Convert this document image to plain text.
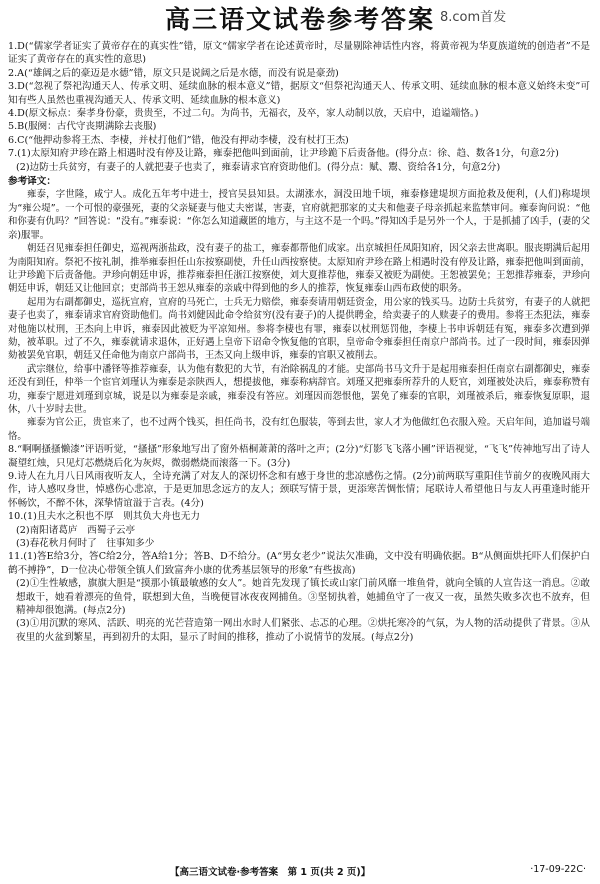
高三语文试卷参考答案 8.com首发

1.D(“儒家学者证实了黄帝存在的真实性”错，原文“儒家学者在论述黄帝时，尽量剔除神话性内容，将黄帝视为华夏族道统的创造者”不是证实了黄帝存在的真实性的意思)

2.A(“雄阔之后的豪迈是水德”错，原文只是说阔之后是水德，而没有说是豪劲)

3.D(“忽视了祭祀沟通天人、传承文明、延续血脉的根本意义”错，据原文“但祭祀沟通天人、传承文明、延续血脉的根本意义始终未变”可知有些人虽然也重视沟通天人、传承文明、延续血脉的根本意义)

4.D(原文标点：秦孝身份豪，贵贵至，不过二句。为尚书，无福衣，及卒，家人动制以放，天启中，追谥端恪。)

5.B(服阕：古代守丧期满除去丧服)

6.C(“他押动参将王杰、李棲，并杖打他们”错，他没有押动李棲，没有杖打王杰)

7.(1)太原知府尹珍在路上相遇时没有停及让路，雍泰把他叫到面前，让尹珍跪下后责备他。(得分点：徐、趋、数各1分，句意2分)

(2)边防士兵贫穷，有妻子的人就把妻子也卖了，雍泰请求官府资助他们。(得分点：赋、鬻、资给各1分，句意2分)

参考译文：

雍泰，字世隆，咸宁人。成化五年考中进士，授官吴县知县。太湖涨水，洞没田地千顷，雍泰修建堤坝方面抢救及便利，(人们)称堤坝为“雍公堤”。一个可恨的豪强死，妻的父亲疑妻与他丈夫密谋，害妻，官府就把那家的丈夫和他妻子母亲抓起来监禁审问。雍泰询问说：“他和你妻有仇吗？”回答说：“没有。”雍泰说：“你怎么知道藏匿的地方，与主这不是一个吗。”得知凶手是另外一个人，于是抓捕了凶手，(妻的父亲)服罪。

朝廷召见雍泰担任御史，巡视两浙盐政，没有妻子的盐工，雍泰都帮他们成家。出京城担任凤阳知府，因父亲去世离职。服丧期满后起用为南阳知府。祭祀不按礼制，推举雍泰担任山东按察副使，升任山西按察使。太原知府尹珍在路上相遇时没有停及让路，雍泰把他叫到面前，让尹珍跪下后责备他。尹珍向朝廷申诉，推荐雍泰担任浙江按察使，刘大夏推荐他，雍泰又被贬为副使。王恕被罢免；王恕推荐雍泰，尹珍向朝廷申诉，朝廷又让他回京；吏部尚书王恕从雍泰的亲戚中得到他的乡人的推荐，恢复雍泰山西布政使的职务。

起用为右副都御史，巡抚宣府，宣府的马死亡，士兵无力赔偿，雍泰奏请用朝廷资金，用公家的钱买马。边防士兵贫穷，有妻子的人就把妻子也卖了，雍泰请求官府资助他们。尚书刘健因此命令给贫穷(没有妻子)的人提供聘金，给卖妻子的人赎妻子的费用。参将王杰犯法，雍泰对他施以杖刑，王杰向上申诉，雍泰因此被贬为平凉知州。参将李棲也有罪，雍泰以杖刑惩罚他，李棲上书申诉朝廷有冤，雍泰多次遭到弹劾，被革职。过了不久，雍泰就请求退休，正好遇上皇帝下诏命令恢复他的官职，皇帝命令雍泰担任南京户部尚书。过了一段时间，雍泰因弹劾被罢免官职，朝廷又任命他为南京户部尚书，王杰又向上级申诉，雍泰的官职又被削去。

武宗继位，给事中潘铎等推荐雍泰，认为他有数犯的大节，有治除祸乱的才能。史部尚书马文升于是起用雍泰担任南京右副都御史，雍泰还没有到任，仲举一个宦官刘瑾认为雍泰是亲陕西人，想提拔他，雍泰称病辞官。刘瑾又把雍泰所荐升的人贬官，刘瑾被处决后，雍泰称赞有功，雍泰宁愿进刘瑾到京城，说是以为雍泰是亲戚，雍泰没有答应。刘瑾因而怨恨他，罢免了雍泰的官职，刘瑾被杀后，雍泰恢复原职，退休，八十岁时去世。

雍泰为官公正，贵宦来了，也不过两个钱买，担任尚书，没有红色服装，等到去世，家人才为他做红色衣服入殓。天启年间，追加谥号端恪。

8.“啊啊搔搔懒漆”评语听觉，“搔搔”形象地写出了窗外梧桐萧萧的落叶之声；(2分)“灯影飞飞落小圃”评语视觉，“飞飞”传神地写出了诗人凝望红烛，只见灯芯燃烧后化为灰烬，微弱燃烧而滚落一下。(3分)

9.诗人在九月八日风雨夜听友人，全诗充满了对友人的深切怀念和有感于身世的悲凉感伤之情。(2分)前两联写重阳佳节前夕的夜晚风雨大作，诗人感叹身世，悼感伤心悲凉，于是更加思念远方的友人；颈联写情于景，更添寒苦惆怅情；尾联诗人希望他日与友人再重逢时能开怀畅饮，不醉不休，深挚情谊溢于言表。(4分)

10.(1)且夫水之积也不厚　则其负大舟也无力

(2)南阳诸葛庐　西蜀子云亭

(3)春花秋月何时了　往事知多少

11.(1)答E给3分，答C给2分，答A给1分；答B、D不给分。(A“男女老少”说法欠准确，文中没有明确依据。B“从侧面烘托吓人们保护白鹤不搏挣”，D一位决心带领全镇人们致富奔小康的优秀基层领导的形象”有些拔高)

(2)①生性敏感，旗旗大胆是“摸那小镇最敏感的女人”。她首先发现了镇长或山家门前风靡一堆鱼骨，就向全镇的人宣告这一消息。②敢想敢干，她看着漂亮的鱼骨，联想到大鱼，当晚便冒冰夜夜网捕鱼。③坚韧执着，她捕鱼守了一夜又一夜，虽然失败多次也不放弃，但精神却很饱满。(每点2分)

(3)①用沉默的寒风、活跃、明亮的光芒营造第一网出水时人们紧张、忐忑的心理。②烘托寒冷的气氛，为人物的活动提供了背景。③从夜里的火盆到繁星，再到初升的太阳，显示了时间的推移，推动了小说情节的发展。(每点2分)

【高三语文试卷·参考答案　第 1 页(共 2 页)】	·17-09-22C·
